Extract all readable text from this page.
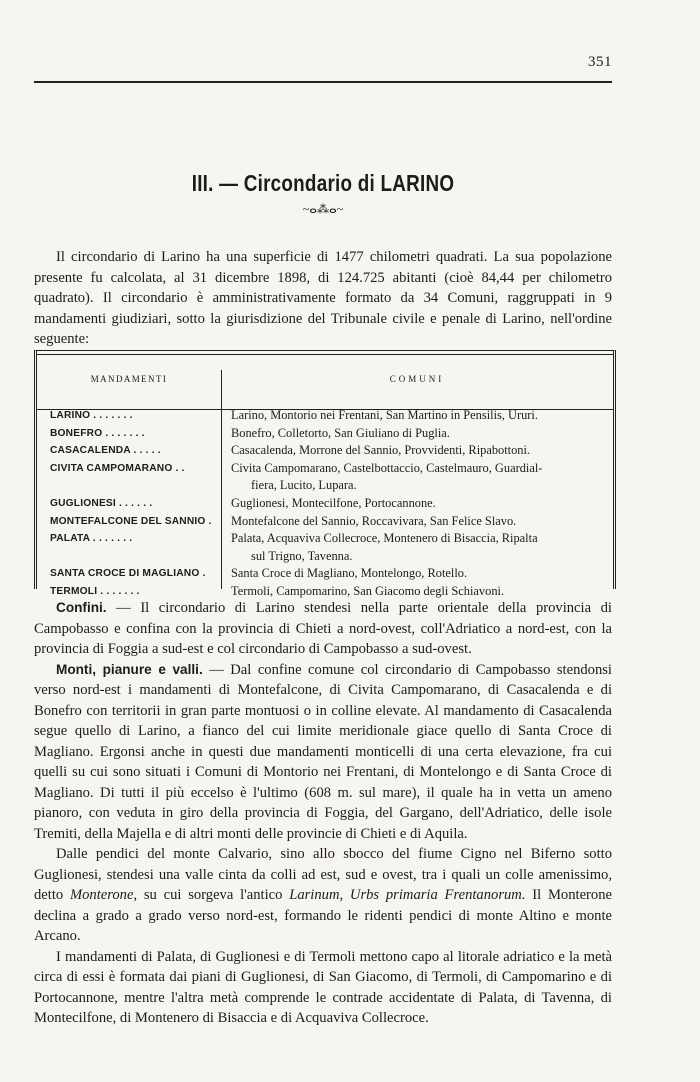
351
III. — Circondario di LARINO
~ⴰ⁂ⴰ~

Il circondario di Larino ha una superficie di 1477 chilometri quadrati. La sua popolazione presente fu calcolata, al 31 dicembre 1898, di 124.725 abitanti (cioè 84,44 per chilometro quadrato). Il circondario è amministrativamente formato da 34 Comuni, raggruppati in 9 mandamenti giudiziari, sotto la giurisdizione del Tribunale civile e penale di Larino, nell'ordine seguente:

MANDAMENTI	COMUNI
LARINO . . . . . . .	Larino, Montorio nei Frentani, San Martino in Pensilis, Ururi.
BONEFRO . . . . . . .	Bonefro, Colletorto, San Giuliano di Puglia.
CASACALENDA . . . . .	Casacalenda, Morrone del Sannio, Provvidenti, Ripabottoni.
CIVITA CAMPOMARANO . .	Civita Campomarano, Castelbottaccio, Castelmauro, Guardial-
fiera, Lucito, Lupara.
GUGLIONESI . . . . . .	Guglionesi, Montecilfone, Portocannone.
MONTEFALCONE DEL SANNIO .	Montefalcone del Sannio, Roccavivara, San Felice Slavo.
PALATA . . . . . . .	Palata, Acquaviva Collecroce, Montenero di Bisaccia, Ripalta
sul Trigno, Tavenna.
SANTA CROCE DI MAGLIANO .	Santa Croce di Magliano, Montelongo, Rotello.
TERMOLI . . . . . . .	Termoli, Campomarino, San Giacomo degli Schiavoni.

Confini. — Il circondario di Larino stendesi nella parte orientale della provincia di Campobasso e confina con la provincia di Chieti a nord-ovest, coll'Adriatico a nord-est, con la provincia di Foggia a sud-est e col circondario di Campobasso a sud-ovest.

Monti, pianure e valli. — Dal confine comune col circondario di Campobasso stendonsi verso nord-est i mandamenti di Montefalcone, di Civita Campomarano, di Casacalenda e di Bonefro con territorii in gran parte montuosi o in colline elevate. Al mandamento di Casacalenda segue quello di Larino, a fianco del cui limite meridionale giace quello di Santa Croce di Magliano. Ergonsi anche in questi due mandamenti monticelli di una certa elevazione, fra cui quelli su cui sono situati i Comuni di Montorio nei Frentani, di Montelongo e di Santa Croce di Magliano. Di tutti il più eccelso è l'ultimo (608 m. sul mare), il quale ha in vetta un ameno pianoro, con veduta in giro della provincia di Foggia, del Gargano, dell'Adriatico, delle isole Tremiti, della Majella e di altri monti delle provincie di Chieti e di Aquila.

Dalle pendici del monte Calvario, sino allo sbocco del fiume Cigno nel Biferno sotto Guglionesi, stendesi una valle cinta da colli ad est, sud e ovest, tra i quali un colle amenissimo, detto Monterone, su cui sorgeva l'antico Larinum, Urbs primaria Frentanorum. Il Monterone declina a grado a grado verso nord-est, formando le ridenti pendici di monte Altino e monte Arcano.

I mandamenti di Palata, di Guglionesi e di Termoli mettono capo al litorale adriatico e la metà circa di essi è formata dai piani di Guglionesi, di San Giacomo, di Termoli, di Campomarino e di Portocannone, mentre l'altra metà comprende le contrade accidentate di Palata, di Tavenna, di Montecilfone, di Montenero di Bisaccia e di Acquaviva Collecroce.
